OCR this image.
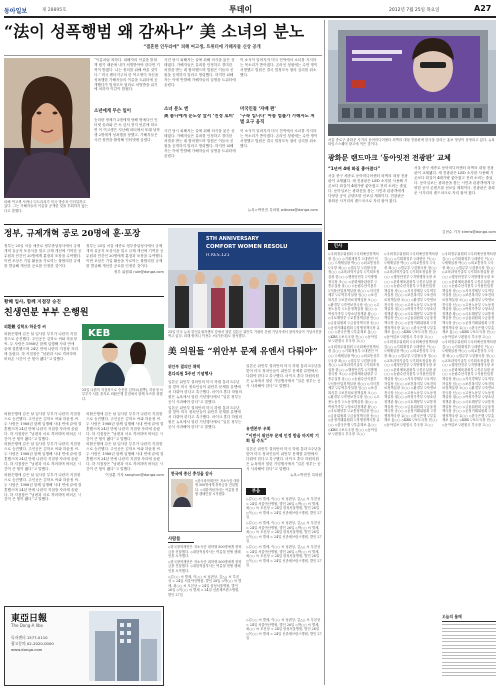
동아일보	제 28895호	투데이	2012년 7월 25일 목요일	A27
“法이 성폭행범 왜 감싸나” 美 소녀의 분노
“결혼한 인두라에” 피해 여고생, 트위터에 가해자들 신상 공개
피해 여고생 사바나 디트리치가 미국 방송과 인터뷰하고 있다. 그는 가해자들의 이름을 공개한 것을 후회하지 않는다고 말했다.
“이름처럼 착하다. 피해자의 이름을 밝혀 책 썼기 때문에 내가 처벌받아야 한다면 기꺼이 받겠다. 나는 정의를 위해 싸울 것이다.” 미국 켄터키주의 한 여고생이 자신을 성폭행한 가해자들의 이름을 트위터에 공개했다가 법정모독 혐의로 처벌받을 위기에 처하자 이같이 밝혔다.
소년에게 무슨 일이
승리란 정체가 2명에게 당해 명예다인 인터넷 올라와 큰 소 앞서 현지 언론에 따르면 이 여고생은 지난해 파티에서 또래 남학생 2명에게 성폭행을 당했고, 가해자들은 사건 장면을 촬영해 인터넷에 올렸다.
사건 당시 피해자는 술에 취해 의식을 잃은 상태였다. 가해자들은 유죄를 인정하고 경미한 처벌을 받는 데 합의했으며 법원은 이들의 신원을 공개하지 말라고 명령했다. 하지만 피해자는 이에 반발해 가해자들의 실명을 트위터에 올렸다.
소녀 분노 엔
美 롬니에게 눈도장 앞서 ‘친정 로비’

사건 당시 피해자는 술에 취해 의식을 잃은 상태였다. 가해자들은 유죄를 인정하고 경미한 처벌을 받는 데 합의했으며 법원은 이들의 신원을 공개하지 말라고 명령했다. 하지만 피해자는 이에 반발해 가해자들의 실명을 트위터에 올렸다.

이 소식이 알려지자 미국 전역에서 소녀를 지지하는 목소리가 쏟아졌다. 온라인 청원에는 수만 명이 서명했고 법원은 결국 법정모독 혐의 심리를 취소했다.
미국인들 ‘자매 편’
‘구속 입니다’ 아름 법률가 가해자도 처벌 요구 움직

이 소식이 알려지자 미국 전역에서 소녀를 지지하는 목소리가 쏟아졌다. 온라인 청원에는 수만 명이 서명했고 법원은 결국 법정모독 혐의 심리를 취소했다.

뉴욕=박현진 특파원 witness@donga.com
서울 종로구 광화문 사거리 동아미디어센터 외벽의 대형 전광판에 한국을 알리는 홍보 영상이 상영되고 있다. 뉴욕 타임스스퀘어 광고에 이은 것이다.
광화문 랜드마크 ‘동아잇전 전광판’ 교체
“1년여 4배 화질 좋아졌다”

서울 중구 세종로 동아미디어센터 외벽의 대형 전광판이 교체됐다. 새 전광판은 LED 소자를 사용해 기존보다 화질이 4배가량 좋아졌고 전력 소비는 줄었다. 동아일보는 광화문을 찾는 시민과 관광객에게 다양한 공익 콘텐츠를 선보일 계획이다. 전광판은 광화문 사거리의 랜드마크로 자리 잡아 왔다.

서울 중구 세종로 동아미디어센터 외벽의 대형 전광판이 교체됐다. 새 전광판은 LED 소자를 사용해 기존보다 화질이 4배가량 좋아졌고 전력 소비는 줄었다. 동아일보는 광화문을 찾는 시민과 관광객에게 다양한 공익 콘텐츠를 선보일 계획이다. 전광판은 광화문 사거리의 랜드마크로 자리 잡아 왔다.

김현수 기자 kimhs@donga.com
인사

◇국회정무위원회 ▽국회예산정책처장 김○○ ◇기획재정부 ▽대변인 이○○ ▽세제실장 박○○ ◇외교통상부 ▽국장 최○○ ◇법무부 ▽검찰국장 정○○ ◇교육과학기술부 ▽기획조정실장 한○○ ◇행정안전부 ▽지방행정국장 조○○ ◇문화체육관광부 ▽종무실장 윤○○ ◇농림수산식품부 ▽식품산업정책실장 장○○ ◇지식경제부 ▽무역투자실장 임○○ ◇보건복지부 ▽보건의료정책실장 오○○ ◇환경부 ▽자연보전국장 신○○ ◇고용노동부 ▽노동정책실장 권○○ ◇여성가족부 ▽청소년정책관 황○○ ◇국토해양부 ▽교통정책실장 안○○ ◇금융위원회 ▽금융정책국장 송○○ ◇공정거래위원회 ▽경쟁정책국장 유○○ ◇한국은행 ▽부총재보 홍○○ ◇KBS ▽보도국장 전○○ ◇동아일보 ▽편집국 부국장 고○○

◇국회정무위원회 ▽국회예산정책처장 김○○ ◇기획재정부 ▽대변인 이○○ ▽세제실장 박○○ ◇외교통상부 ▽국장 최○○ ◇법무부 ▽검찰국장 정○○ ◇교육과학기술부 ▽기획조정실장 한○○ ◇행정안전부 ▽지방행정국장 조○○ ◇문화체육관광부 ▽종무실장 윤○○ ◇농림수산식품부 ▽식품산업정책실장 장○○ ◇지식경제부 ▽무역투자실장 임○○ ◇보건복지부 ▽보건의료정책실장 오○○ ◇환경부 ▽자연보전국장 신○○ ◇고용노동부 ▽노동정책실장 권○○ ◇여성가족부 ▽청소년정책관 황○○ ◇국토해양부 ▽교통정책실장 안○○ ◇금융위원회 ▽금융정책국장 송○○ ◇공정거래위원회 ▽경쟁정책국장 유○○ ◇한국은행 ▽부총재보 홍○○ ◇KBS ▽보도국장 전○○ ◇동아일보 ▽편집국 부국장 고○○

◇국회정무위원회 ▽국회예산정책처장 김○○ ◇기획재정부 ▽대변인 이○○ ▽세제실장 박○○ ◇외교통상부 ▽국장 최○○ ◇법무부 ▽검찰국장 정○○ ◇교육과학기술부 ▽기획조정실장 한○○ ◇행정안전부 ▽지방행정국장 조○○ ◇문화체육관광부 ▽종무실장 윤○○ ◇농림수산식품부 ▽식품산업정책실장 장○○ ◇지식경제부 ▽무역투자실장 임○○ ◇보건복지부 ▽보건의료정책실장 오○○ ◇환경부 ▽자연보전국장 신○○ ◇고용노동부 ▽노동정책실장 권○○ ◇여성가족부 ▽청소년정책관 황○○ ◇국토해양부 ▽교통정책실장 안○○ ◇금융위원회 ▽금융정책국장 송○○ ◇공정거래위원회 ▽경쟁정책국장 유○○ ◇한국은행 ▽부총재보 홍○○ ◇KBS ▽보도국장 전○○ ◇동아일보 ▽편집국 부국장 고○○

◇국회정무위원회 ▽국회예산정책처장 김○○ ◇기획재정부 ▽대변인 이○○ ▽세제실장 박○○ ◇외교통상부 ▽국장 최○○ ◇법무부 ▽검찰국장 정○○ ◇교육과학기술부 ▽기획조정실장 한○○ ◇행정안전부 ▽지방행정국장 조○○ ◇문화체육관광부 ▽종무실장 윤○○ ◇농림수산식품부 ▽식품산업정책실장 장○○ ◇지식경제부 ▽무역투자실장 임○○ ◇보건복지부 ▽보건의료정책실장 오○○ ◇환경부 ▽자연보전국장 신○○ ◇고용노동부 ▽노동정책실장 권○○ ◇여성가족부 ▽청소년정책관 황○○ ◇국토해양부 ▽교통정책실장 안○○ ◇금융위원회 ▽금융정책국장 송○○ ◇공정거래위원회 ▽경쟁정책국장 유○○ ◇한국은행 ▽부총재보 홍○○ ◇KBS ▽보도국장 전○○ ◇동아일보 ▽편집국 부국장 고○○

◇국회정무위원회 ▽국회예산정책처장 김○○ ◇기획재정부 ▽대변인 이○○ ▽세제실장 박○○ ◇외교통상부 ▽국장 최○○ ◇법무부 ▽검찰국장 정○○ ◇교육과학기술부 ▽기획조정실장 한○○ ◇행정안전부 ▽지방행정국장 조○○ ◇문화체육관광부 ▽종무실장 윤○○ ◇농림수산식품부 ▽식품산업정책실장 장○○ ◇지식경제부 ▽무역투자실장 임○○ ◇보건복지부 ▽보건의료정책실장 오○○ ◇환경부 ▽자연보전국장 신○○ ◇고용노동부 ▽노동정책실장 권○○ ◇여성가족부 ▽청소년정책관 황○○ ◇국토해양부 ▽교통정책실장 안○○ ◇금융위원회 ▽금융정책국장 송○○ ◇공정거래위원회 ▽경쟁정책국장 유○○ ◇한국은행 ▽부총재보 홍○○ ◇KBS ▽보도국장 전○○ ◇동아일보 ▽편집국 부국장 고○○

◇국회정무위원회 ▽국회예산정책처장 김○○ ◇기획재정부 ▽대변인 이○○ ▽세제실장 박○○ ◇외교통상부 ▽국장 최○○ ◇법무부 ▽검찰국장 정○○ ◇교육과학기술부 ▽기획조정실장 한○○ ◇행정안전부 ▽지방행정국장 조○○ ◇문화체육관광부 ▽종무실장 윤○○ ◇농림수산식품부 ▽식품산업정책실장 장○○ ◇지식경제부 ▽무역투자실장 임○○ ◇보건복지부 ▽보건의료정책실장 오○○ ◇환경부 ▽자연보전국장 신○○ ◇고용노동부 ▽노동정책실장 권○○ ◇여성가족부 ▽청소년정책관 황○○ ◇국토해양부 ▽교통정책실장 안○○ ◇금융위원회 ▽금융정책국장 송○○ ◇공정거래위원회 ▽경쟁정책국장 유○○ ◇한국은행 ▽부총재보 홍○○ ◇KBS ▽보도국장 전○○ ◇동아일보 ▽편집국 부국장 고○○

오늘의 물때
정부, 규제개혁 공로 20명에 훈·포장

정부는 25일 서울 세종로 정부중앙청사에서 규제개혁 유공자 포상식을 열고 규제 개선에 기여한 공무원과 민간인 20명에게 훈장과 포장을 수여했다. 이번 포상은 기업 활동을 가로막는 불합리한 규제를 발굴해 개선한 공로를 인정한 것이다.

정부는 25일 서울 세종로 정부중앙청사에서 규제개혁 유공자 포상식을 열고 규제 개선에 기여한 공무원과 민간인 20명에게 훈장과 포장을 수여했다. 이번 포상은 기업 활동을 가로막는 불합리한 규제를 발굴해 개선한 공로를 인정한 것이다.

정부 위원회 rule@donga.com

5TH ANNIVERSARY
COMFORT WOMEN RESOLU
H.RES.121
25일 미국 뉴욕 한인유권자센터 앞에서 열린 일본군 위안부 기림비 건립 기념식에서 참석자들이 기념사진을 찍고 있다. 피해 할머니 이용수 씨(가운데)도 참석했다.
황혜 입사, 함께 지점장 승진
친생연분 부부 은행원
외환銀 김학오·하윤정 씨

외환은행에 같은 날 입사한 부부가 나란히 지점장으로 승진했다. 주인공은 김학오 씨와 하윤정 씨. 두 사람은 1988년 함께 입행해 사내 연애 끝에 결혼했으며 24년 만에 나란히 지점장 자리에 올랐다. 하 지점장은 “남편과 서로 격려하며 버텨온 시간이 큰 힘이 됐다”고 말했다.

KEB
25일 나란히 지점장으로 승진한 김학오(왼쪽), 하윤정 씨 부부가 서울 을지로 외환은행 본점에서 함께 포즈를 취했다.

외환은행에 같은 날 입사한 부부가 나란히 지점장으로 승진했다. 주인공은 김학오 씨와 하윤정 씨. 두 사람은 1988년 함께 입행해 사내 연애 끝에 결혼했으며 24년 만에 나란히 지점장 자리에 올랐다. 하 지점장은 “남편과 서로 격려하며 버텨온 시간이 큰 힘이 됐다”고 말했다.

외환은행에 같은 날 입사한 부부가 나란히 지점장으로 승진했다. 주인공은 김학오 씨와 하윤정 씨. 두 사람은 1988년 함께 입행해 사내 연애 끝에 결혼했으며 24년 만에 나란히 지점장 자리에 올랐다. 하 지점장은 “남편과 서로 격려하며 버텨온 시간이 큰 힘이 됐다”고 말했다.

외환은행에 같은 날 입사한 부부가 나란히 지점장으로 승진했다. 주인공은 김학오 씨와 하윤정 씨. 두 사람은 1988년 함께 입행해 사내 연애 끝에 결혼했으며 24년 만에 나란히 지점장 자리에 올랐다. 하 지점장은 “남편과 서로 격려하며 버텨온 시간이 큰 힘이 됐다”고 말했다.

외환은행에 같은 날 입사한 부부가 나란히 지점장으로 승진했다. 주인공은 김학오 씨와 하윤정 씨. 두 사람은 1988년 함께 입행해 사내 연애 끝에 결혼했으며 24년 만에 나란히 지점장 자리에 올랐다. 하 지점장은 “남편과 서로 격려하며 버텨온 시간이 큰 힘이 됐다”고 말했다.

외환은행에 같은 날 입사한 부부가 나란히 지점장으로 승진했다. 주인공은 김학오 씨와 하윤정 씨. 두 사람은 1988년 함께 입행해 사내 연애 끝에 결혼했으며 24년 만에 나란히 지점장 자리에 올랐다. 하 지점장은 “남편과 서로 격려하며 버텨온 시간이 큰 힘이 됐다”고 말했다.

이상훈 기자 sanghun@donga.com

美 의원들 “위안부 문제 유엔서 다뤄야”
위안부 결의안 채택
혼다의원 5주년 기념행사

일본군 위안부 결의안의 미국 하원 통과 5주년을 맞아 미국 정치인들이 위안부 문제를 유엔에서 다뤄야 한다고 촉구했다. 마이크 혼다 하원의원은 뉴욕에서 열린 기념행사에서 “일본 정부는 공식 사과해야 한다”고 말했다.

일본군 위안부 결의안의 미국 하원 통과 5주년을 맞아 미국 정치인들이 위안부 문제를 유엔에서 다뤄야 한다고 촉구했다. 마이크 혼다 하원의원은 뉴욕에서 열린 기념행사에서 “일본 정부는 공식 사과해야 한다”고 말했다.

일본군 위안부 결의안의 미국 하원 통과 5주년을 맞아 미국 정치인들이 위안부 문제를 유엔에서 다뤄야 한다고 촉구했다. 마이크 혼다 하원의원은 뉴욕에서 열린 기념행사에서 “일본 정부는 공식 사과해야 한다”고 말했다.

유엔본부 우회
“이번이 위안부 문제 인정 받을 마지막 기회 될 수도”

일본군 위안부 결의안의 미국 하원 통과 5주년을 맞아 미국 정치인들이 위안부 문제를 유엔에서 다뤄야 한다고 촉구했다. 마이크 혼다 하원의원은 뉴욕에서 열린 기념행사에서 “일본 정부는 공식 사과해야 한다”고 말했다.

뉴욕=박현진 특파원

한국에 종신 충성을 감사
◇한국장학재단은 저소득층 대학생 500명에게 장학금을 전달했다. ◇대한적십자사는 여름철 헌혈 캠페인을 시작했다.
부음

◇김○○ 씨 별세, 이○○ 씨 남편상, 김△△ 씨 부친상 = 24일 서울아산병원, 발인 26일 ◇박○○ 씨 별세, 최○○ 씨 모친상 = 24일 삼성서울병원, 발인 26일 ◇이○○ 씨 별세 = 24일 신촌세브란스병원, 발인 27일

◇김○○ 씨 별세, 이○○ 씨 남편상, 김△△ 씨 부친상 = 24일 서울아산병원, 발인 26일 ◇박○○ 씨 별세, 최○○ 씨 모친상 = 24일 삼성서울병원, 발인 26일 ◇이○○ 씨 별세 = 24일 신촌세브란스병원, 발인 27일

◇김○○ 씨 별세, 이○○ 씨 남편상, 김△△ 씨 부친상 = 24일 서울아산병원, 발인 26일 ◇박○○ 씨 별세, 최○○ 씨 모친상 = 24일 삼성서울병원, 발인 26일 ◇이○○ 씨 별세 = 24일 신촌세브란스병원, 발인 27일

사람들

◇한국장학재단은 저소득층 대학생 500명에게 장학금을 전달했다. ◇대한적십자사는 여름철 헌혈 캠페인을 시작했다.

◇한국장학재단은 저소득층 대학생 500명에게 장학금을 전달했다. ◇대한적십자사는 여름철 헌혈 캠페인을 시작했다.

◇김○○ 씨 별세, 이○○ 씨 남편상, 김△△ 씨 부친상 = 24일 서울아산병원, 발인 26일 ◇박○○ 씨 별세, 최○○ 씨 모친상 = 24일 삼성서울병원, 발인 26일 ◇이○○ 씨 별세 = 24일 신촌세브란스병원, 발인 27일

◇김○○ 씨 별세, 이○○ 씨 남편상, 김△△ 씨 부친상 = 24일 서울아산병원, 발인 26일 ◇박○○ 씨 별세, 최○○ 씨 모친상 = 24일 삼성서울병원, 발인 26일 ◇이○○ 씨 별세 = 24일 신촌세브란스병원, 발인 27일

東亞日報
The Dong-A Ilbo
독자센터 1577-0110
광고문의 02-2020-0000
www.donga.com
